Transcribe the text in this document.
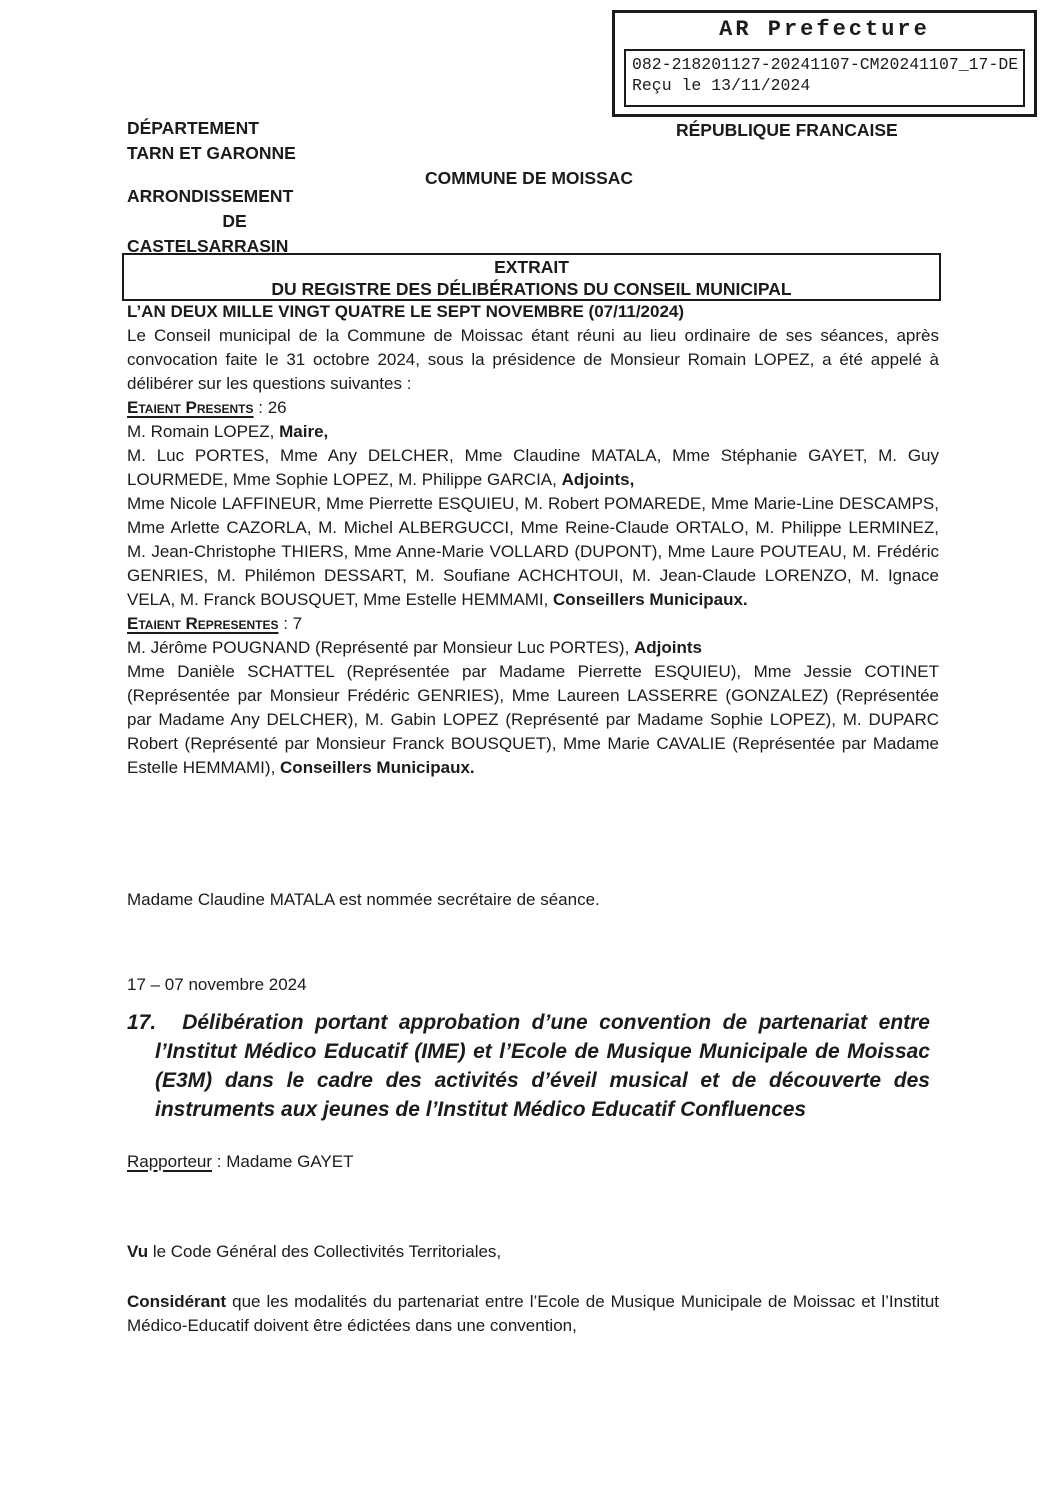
AR Prefecture
082-218201127-20241107-CM20241107_17-DE
Reçu le 13/11/2024
DÉPARTEMENT
TARN ET GARONNE
ARRONDISSEMENT
DE
CASTELSARRASIN
COMMUNE DE MOISSAC
RÉPUBLIQUE FRANCAISE
EXTRAIT
DU REGISTRE DES DÉLIBÉRATIONS DU CONSEIL MUNICIPAL

L’AN DEUX MILLE VINGT QUATRE LE SEPT NOVEMBRE (07/11/2024)

Le Conseil municipal de la Commune de Moissac étant réuni au lieu ordinaire de ses séances, après convocation faite le 31 octobre 2024, sous la présidence de Monsieur Romain LOPEZ, a été appelé à délibérer sur les questions suivantes :

Etaient Presents : 26

M. Romain LOPEZ, Maire,

M. Luc PORTES, Mme Any DELCHER, Mme Claudine MATALA, Mme Stéphanie GAYET, M. Guy LOURMEDE, Mme Sophie LOPEZ, M. Philippe GARCIA, Adjoints,

Mme Nicole LAFFINEUR, Mme Pierrette ESQUIEU, M. Robert POMAREDE, Mme Marie-Line DESCAMPS, Mme Arlette CAZORLA, M. Michel ALBERGUCCI, Mme Reine-Claude ORTALO, M. Philippe LERMINEZ, M. Jean-Christophe THIERS, Mme Anne-Marie VOLLARD (DUPONT), Mme Laure POUTEAU, M. Frédéric GENRIES, M. Philémon DESSART, M. Soufiane ACHCHTOUI, M. Jean-Claude LORENZO, M. Ignace VELA, M. Franck BOUSQUET, Mme Estelle HEMMAMI, Conseillers Municipaux.

Etaient Representes : 7

M. Jérôme POUGNAND (Représenté par Monsieur Luc PORTES), Adjoints

Mme Danièle SCHATTEL (Représentée par Madame Pierrette ESQUIEU), Mme Jessie COTINET (Représentée par Monsieur Frédéric GENRIES), Mme Laureen LASSERRE (GONZALEZ) (Représentée par Madame Any DELCHER), M. Gabin LOPEZ (Représenté par Madame Sophie LOPEZ), M. DUPARC Robert (Représenté par Monsieur Franck BOUSQUET), Mme Marie CAVALIE (Représentée par Madame Estelle HEMMAMI), Conseillers Municipaux.

Madame Claudine MATALA est nommée secrétaire de séance.
17 – 07 novembre 2024
17. Délibération portant approbation d’une convention de partenariat entre l’Institut Médico Educatif (IME) et l’Ecole de Musique Municipale de Moissac (E3M) dans le cadre des activités d’éveil musical et de découverte des instruments aux jeunes de l’Institut Médico Educatif Confluences
Rapporteur : Madame GAYET
Vu le Code Général des Collectivités Territoriales,
Considérant que les modalités du partenariat entre l’Ecole de Musique Municipale de Moissac et l’Institut Médico-Educatif doivent être édictées dans une convention,
